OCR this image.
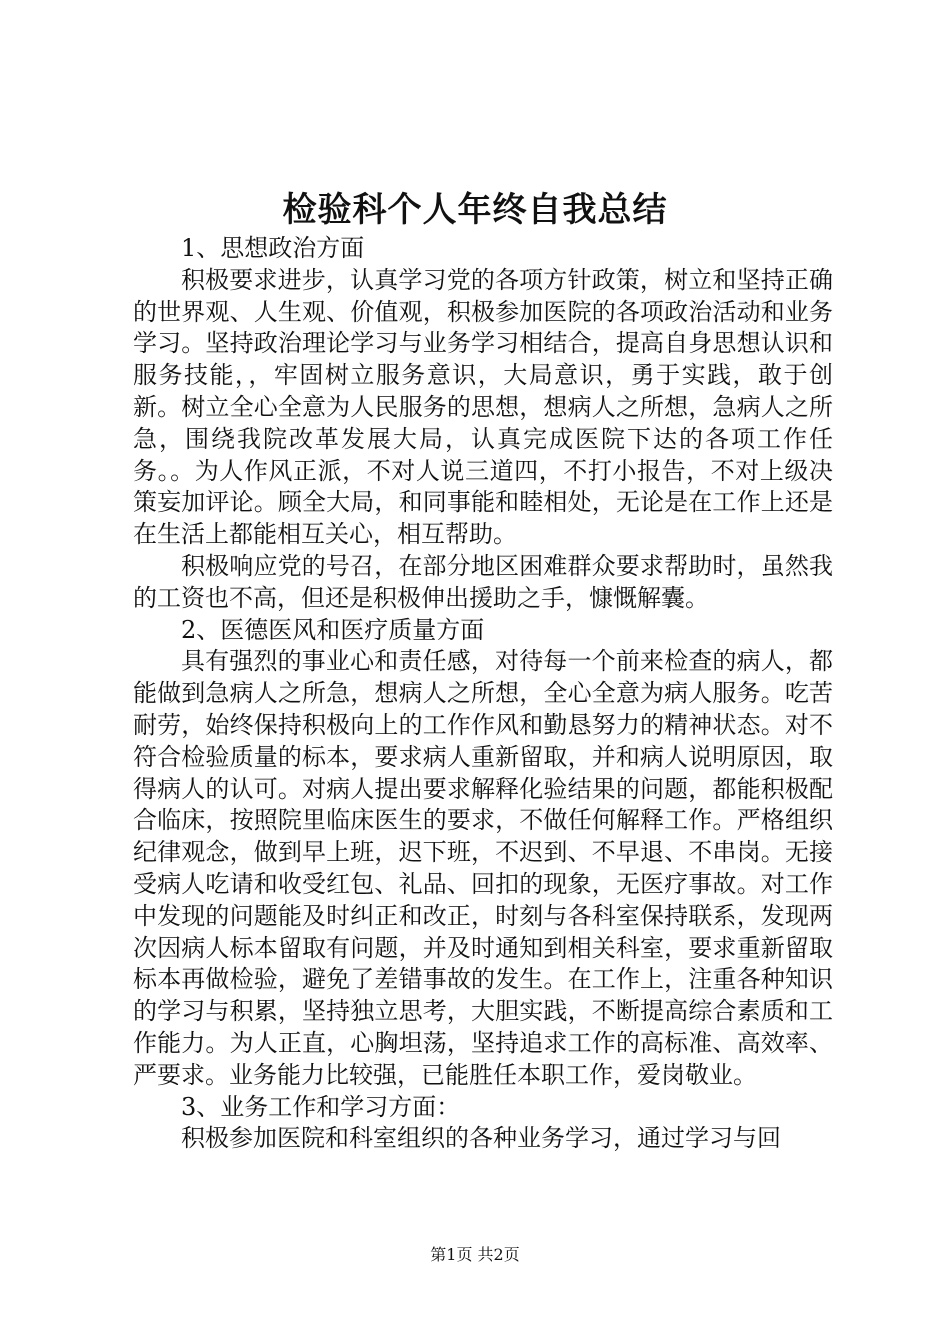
检验科个人年终自我总结

1、思想政治方面

积极要求进步，认真学习党的各项方针政策，树立和坚持正确的世界观、人生观、价值观，积极参加医院的各项政治活动和业务学习。坚持政治理论学习与业务学习相结合，提高自身思想认识和服务技能，，牢固树立服务意识，大局意识，勇于实践，敢于创新。树立全心全意为人民服务的思想，想病人之所想，急病人之所急，围绕我院改革发展大局，认真完成医院下达的各项工作任务。。为人作风正派，不对人说三道四，不打小报告，不对上级决策妄加评论。顾全大局，和同事能和睦相处，无论是在工作上还是在生活上都能相互关心，相互帮助。

积极响应党的号召，在部分地区困难群众要求帮助时，虽然我的工资也不高，但还是积极伸出援助之手，慷慨解囊。

2、医德医风和医疗质量方面

具有强烈的事业心和责任感，对待每一个前来检查的病人，都能做到急病人之所急，想病人之所想，全心全意为病人服务。吃苦耐劳，始终保持积极向上的工作作风和勤恳努力的精神状态。对不符合检验质量的标本，要求病人重新留取，并和病人说明原因，取得病人的认可。对病人提出要求解释化验结果的问题，都能积极配合临床，按照院里临床医生的要求，不做任何解释工作。严格组织纪律观念，做到早上班，迟下班，不迟到、不早退、不串岗。无接受病人吃请和收受红包、礼品、回扣的现象，无医疗事故。对工作中发现的问题能及时纠正和改正，时刻与各科室保持联系，发现两次因病人标本留取有问题，并及时通知到相关科室，要求重新留取标本再做检验，避免了差错事故的发生。在工作上，注重各种知识的学习与积累，坚持独立思考，大胆实践，不断提高综合素质和工作能力。为人正直，心胸坦荡，坚持追求工作的高标准、高效率、严要求。业务能力比较强，已能胜任本职工作，爱岗敬业。

3、业务工作和学习方面：

积极参加医院和科室组织的各种业务学习，通过学习与回

第1页 共2页
